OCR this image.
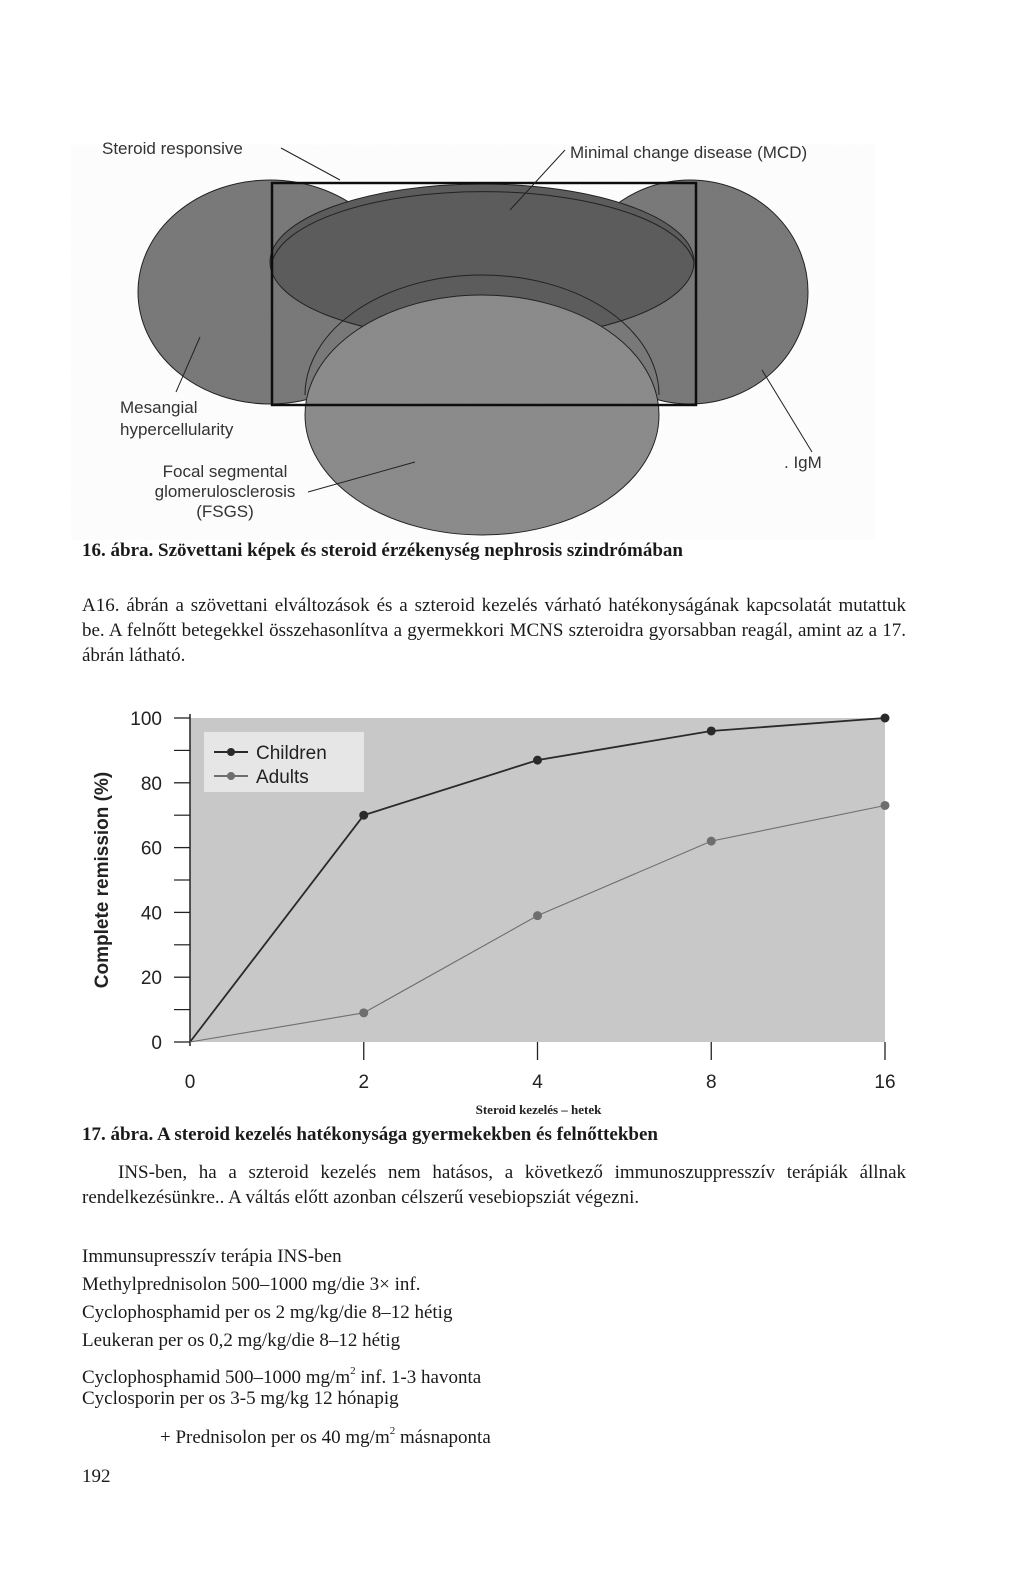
Steroid responsive	Minimal change disease (MCD)
Mesangial
hypercellularity
Focal segmental
glomerulosclerosis
(FSGS)
. IgM
16. ábra. Szövettani képek és steroid érzékenység nephrosis szindrómában
A16. ábrán a szövettani elváltozások és a szteroid kezelés várható hatékonyságának kapcsolatát mutattuk be. A felnőtt betegekkel összehasonlítva a gyermekkori MCNS szteroidra gyorsabban reagál, amint az a 17. ábrán látható.
0
20
40
60
80
100
0	2	4	8	16
Complete remission (%)
Steroid kezelés – hetek
Children
Adults
17. ábra. A steroid kezelés hatékonysága gyermekekben és felnőttekben
INS-ben, ha a szteroid kezelés nem hatásos, a következő immunoszuppresszív terápiák állnak rendelkezésünkre.. A váltás előtt azonban célszerű vesebiopsziát végezni.
Immunsupresszív terápia INS-ben
Methylprednisolon 500–1000 mg/die 3× inf.
Cyclophosphamid per os 2 mg/kg/die 8–12 hétig
Leukeran per os 0,2 mg/kg/die 8–12 hétig
Cyclophosphamid 500–1000 $mg/m^2$ inf. 1-3 havonta
Cyclosporin per os 3-5 mg/kg 12 hónapig
+ Prednisolon per os 40 $mg/m^2$ másnaponta
192
